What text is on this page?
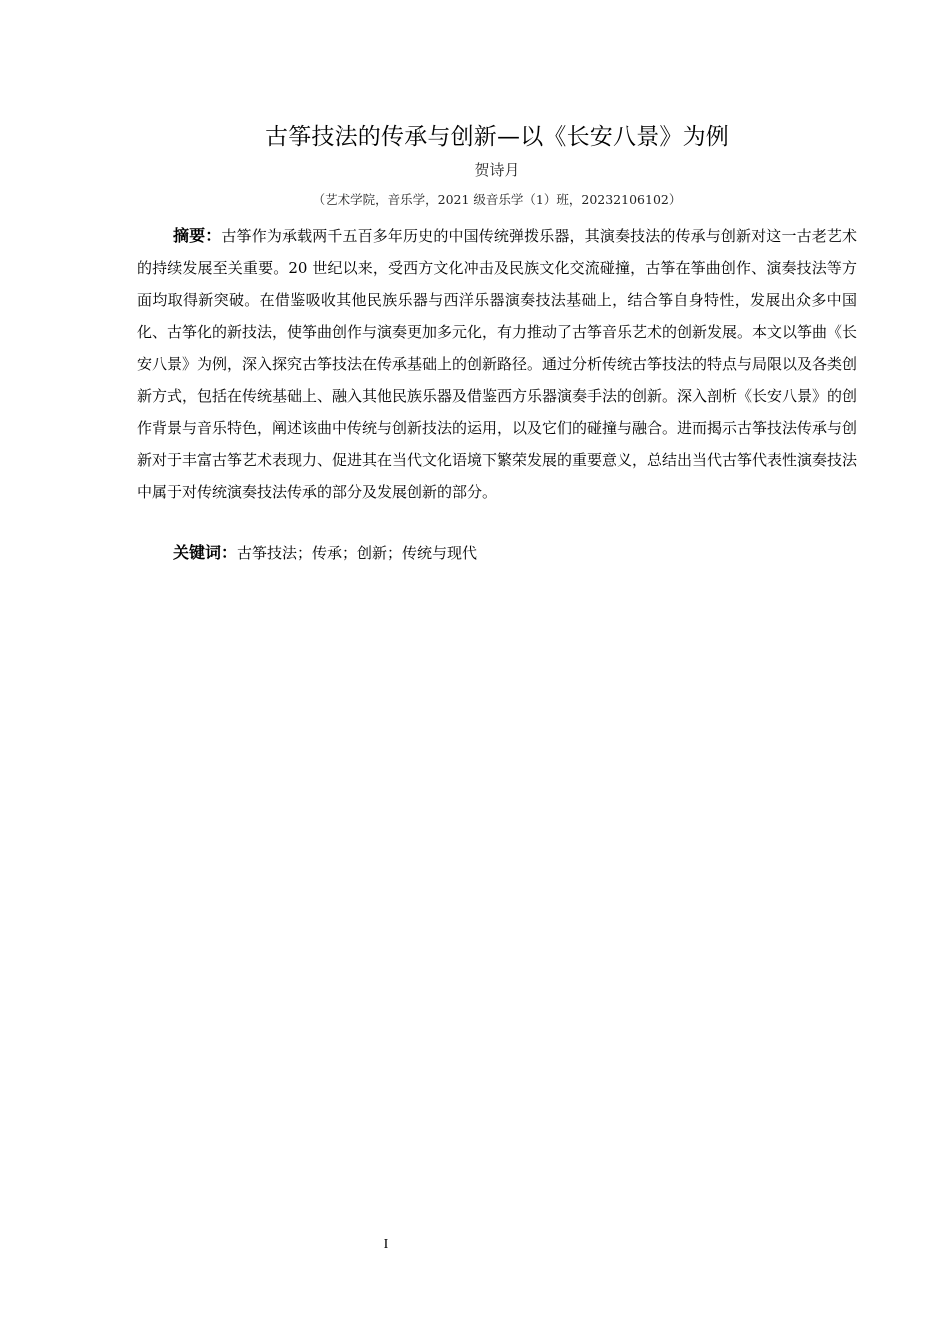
古筝技法的传承与创新—以《长安八景》为例
贺诗月
（艺术学院，音乐学，2021 级音乐学（1）班，20232106102）

摘要：古筝作为承载两千五百多年历史的中国传统弹拨乐器，其演奏技法的传承与创新对这一古老艺术的持续发展至关重要。20 世纪以来，受西方文化冲击及民族文化交流碰撞，古筝在筝曲创作、演奏技法等方面均取得新突破。在借鉴吸收其他民族乐器与西洋乐器演奏技法基础上，结合筝自身特性，发展出众多中国化、古筝化的新技法，使筝曲创作与演奏更加多元化，有力推动了古筝音乐艺术的创新发展。本文以筝曲《长安八景》为例，深入探究古筝技法在传承基础上的创新路径。通过分析传统古筝技法的特点与局限以及各类创新方式，包括在传统基础上、融入其他民族乐器及借鉴西方乐器演奏手法的创新。深入剖析《长安八景》的创作背景与音乐特色，阐述该曲中传统与创新技法的运用，以及它们的碰撞与融合。进而揭示古筝技法传承与创新对于丰富古筝艺术表现力、促进其在当代文化语境下繁荣发展的重要意义，总结出当代古筝代表性演奏技法中属于对传统演奏技法传承的部分及发展创新的部分。

关键词：古筝技法；传承；创新；传统与现代

I
